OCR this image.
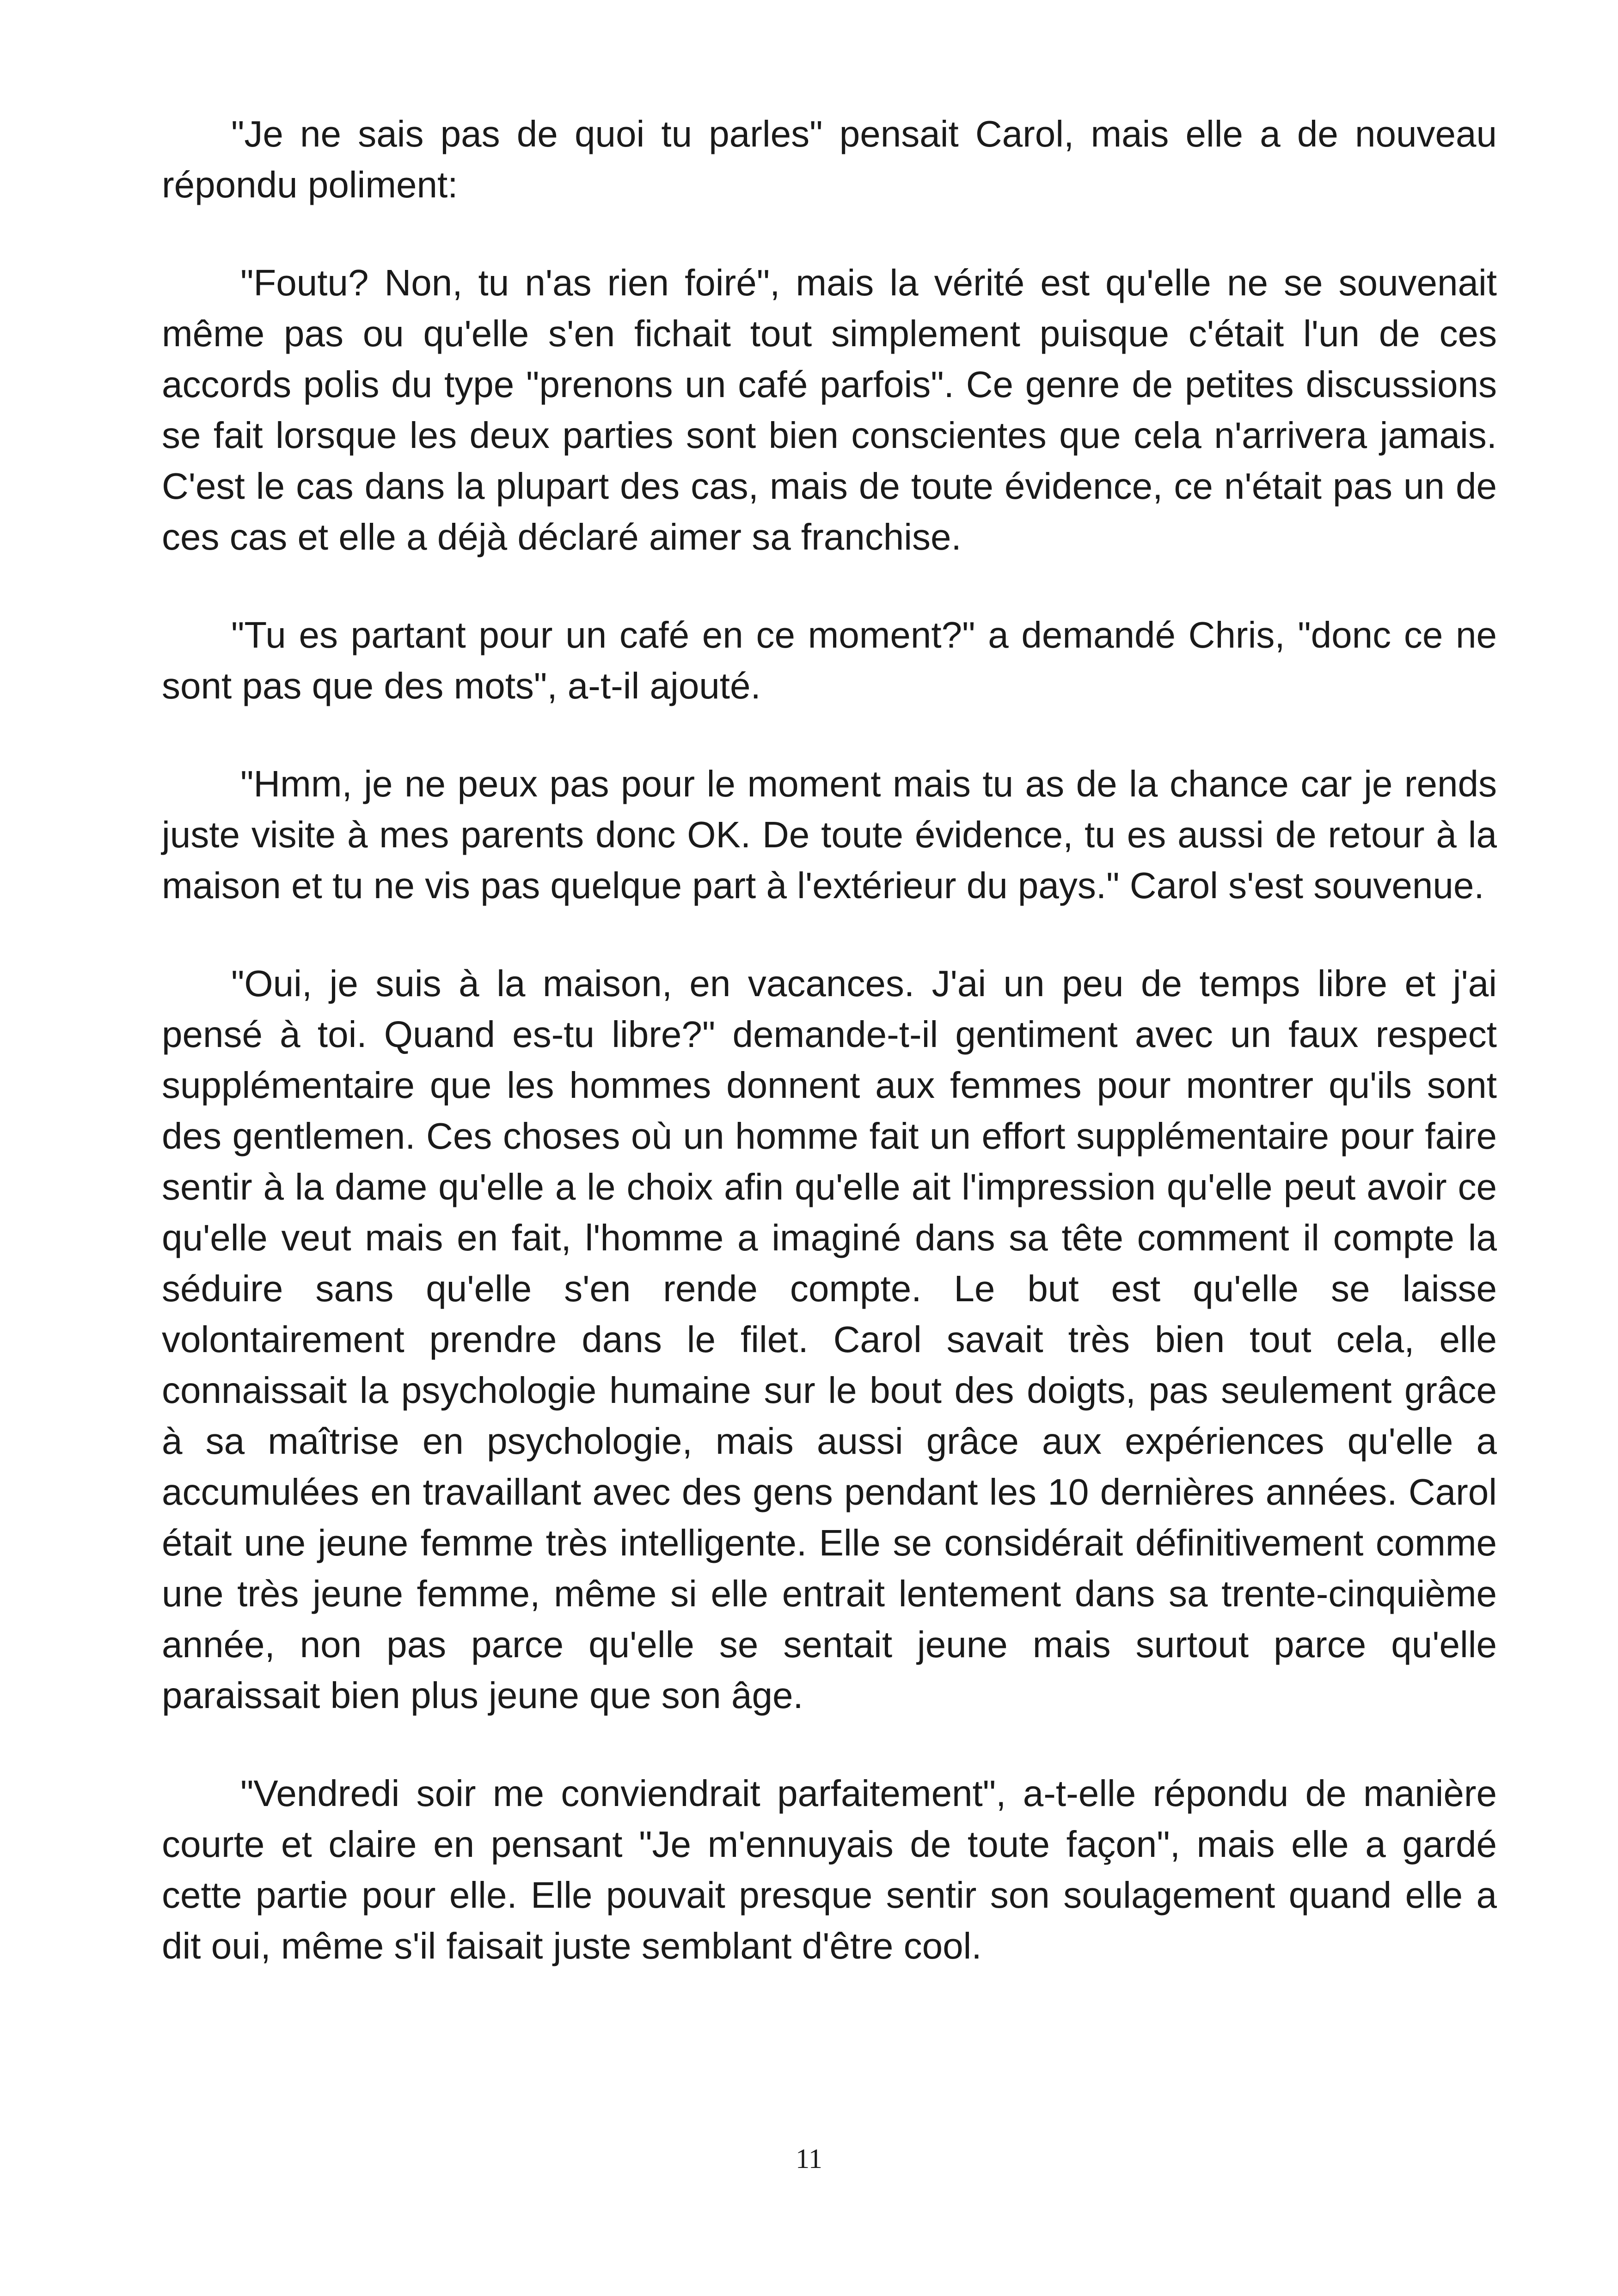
"Je ne sais pas de quoi tu parles" pensait Carol, mais elle a de nouveau répondu poliment:

"Foutu? Non, tu n'as rien foiré", mais la vérité est qu'elle ne se souvenait même pas ou qu'elle s'en fichait tout simplement puisque c'était l'un de ces accords polis du type "prenons un café parfois". Ce genre de petites discussions se fait lorsque les deux parties sont bien conscientes que cela n'arrivera jamais. C'est le cas dans la plupart des cas, mais de toute évidence, ce n'était pas un de ces cas et elle a déjà déclaré aimer sa franchise.

"Tu es partant pour un café en ce moment?" a demandé Chris, "donc ce ne sont pas que des mots", a-t-il ajouté.

"Hmm, je ne peux pas pour le moment mais tu as de la chance car je rends juste visite à mes parents donc OK. De toute évidence, tu es aussi de retour à la maison et tu ne vis pas quelque part à l'extérieur du pays." Carol s'est souvenue.

"Oui, je suis à la maison, en vacances. J'ai un peu de temps libre et j'ai pensé à toi. Quand es-tu libre?" demande-t-il gentiment avec un faux respect supplémentaire que les hommes donnent aux femmes pour montrer qu'ils sont des gentlemen. Ces choses où un homme fait un effort supplémentaire pour faire sentir à la dame qu'elle a le choix afin qu'elle ait l'impression qu'elle peut avoir ce qu'elle veut mais en fait, l'homme a imaginé dans sa tête comment il compte la séduire sans qu'elle s'en rende compte. Le but est qu'elle se laisse volontairement prendre dans le filet. Carol savait très bien tout cela, elle connaissait la psychologie humaine sur le bout des doigts, pas seulement grâce à sa maîtrise en psychologie, mais aussi grâce aux expériences qu'elle a accumulées en travaillant avec des gens pendant les 10 dernières années. Carol était une jeune femme très intelligente. Elle se considérait définitivement comme une très jeune femme, même si elle entrait lentement dans sa trente-cinquième année, non pas parce qu'elle se sentait jeune mais surtout parce qu'elle paraissait bien plus jeune que son âge.

"Vendredi soir me conviendrait parfaitement", a-t-elle répondu de manière courte et claire en pensant "Je m'ennuyais de toute façon", mais elle a gardé cette partie pour elle. Elle pouvait presque sentir son soulagement quand elle a dit oui, même s'il faisait juste semblant d'être cool.

11
